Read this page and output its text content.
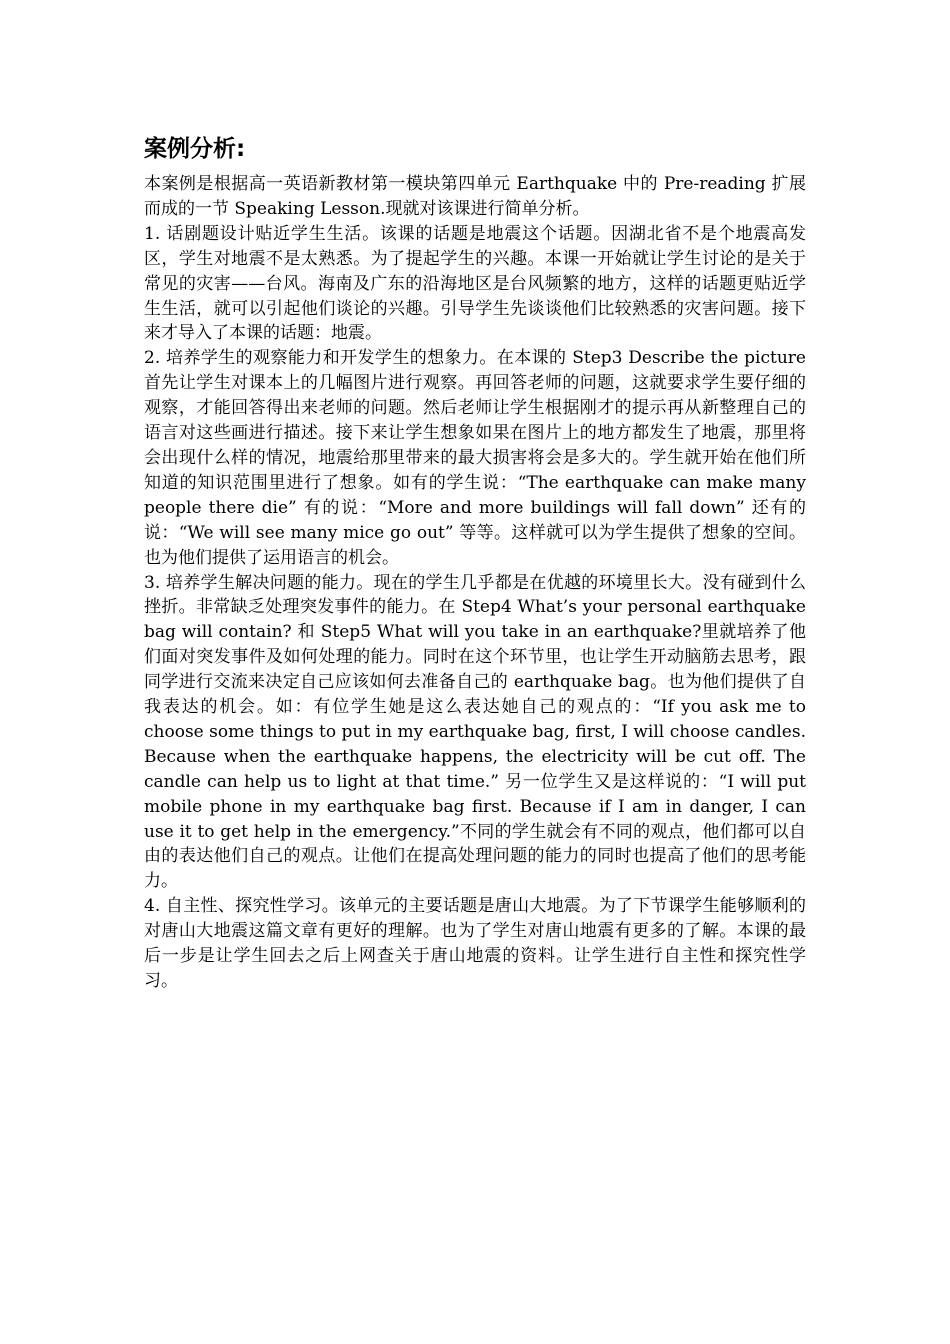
案例分析:

本案例是根据高一英语新教材第一模块第四单元 Earthquake 中的 Pre-reading 扩展而成的一节 Speaking Lesson.现就对该课进行简单分析。

1. 话剧题设计贴近学生生活。该课的话题是地震这个话题。因湖北省不是个地震高发区，学生对地震不是太熟悉。为了提起学生的兴趣。本课一开始就让学生讨论的是关于常见的灾害——台风。海南及广东的沿海地区是台风频繁的地方，这样的话题更贴近学生生活，就可以引起他们谈论的兴趣。引导学生先谈谈他们比较熟悉的灾害问题。接下来才导入了本课的话题：地震。

2. 培养学生的观察能力和开发学生的想象力。在本课的 Step3 Describe the picture 首先让学生对课本上的几幅图片进行观察。再回答老师的问题，这就要求学生要仔细的观察，才能回答得出来老师的问题。然后老师让学生根据刚才的提示再从新整理自己的语言对这些画进行描述。接下来让学生想象如果在图片上的地方都发生了地震，那里将会出现什么样的情况，地震给那里带来的最大损害将会是多大的。学生就开始在他们所知道的知识范围里进行了想象。如有的学生说：“The earthquake can make many people there die” 有的说：“More and more buildings will fall down” 还有的说：“We will see many mice go out” 等等。这样就可以为学生提供了想象的空间。也为他们提供了运用语言的机会。

3. 培养学生解决问题的能力。现在的学生几乎都是在优越的环境里长大。没有碰到什么挫折。非常缺乏处理突发事件的能力。在 Step4 What’s your personal earthquake bag will contain? 和 Step5 What will you take in an earthquake?里就培养了他们面对突发事件及如何处理的能力。同时在这个环节里，也让学生开动脑筋去思考，跟同学进行交流来决定自己应该如何去准备自己的 earthquake bag。也为他们提供了自我表达的机会。如：有位学生她是这么表达她自己的观点的：“If you ask me to choose some things to put in my earthquake bag, first, I will choose candles. Because when the earthquake happens, the electricity will be cut off. The candle can help us to light at that time.” 另一位学生又是这样说的：“I will put mobile phone in my earthquake bag first. Because if I am in danger, I can use it to get help in the emergency.”不同的学生就会有不同的观点，他们都可以自由的表达他们自己的观点。让他们在提高处理问题的能力的同时也提高了他们的思考能力。

4. 自主性、探究性学习。该单元的主要话题是唐山大地震。为了下节课学生能够顺利的对唐山大地震这篇文章有更好的理解。也为了学生对唐山地震有更多的了解。本课的最后一步是让学生回去之后上网查关于唐山地震的资料。让学生进行自主性和探究性学习。
